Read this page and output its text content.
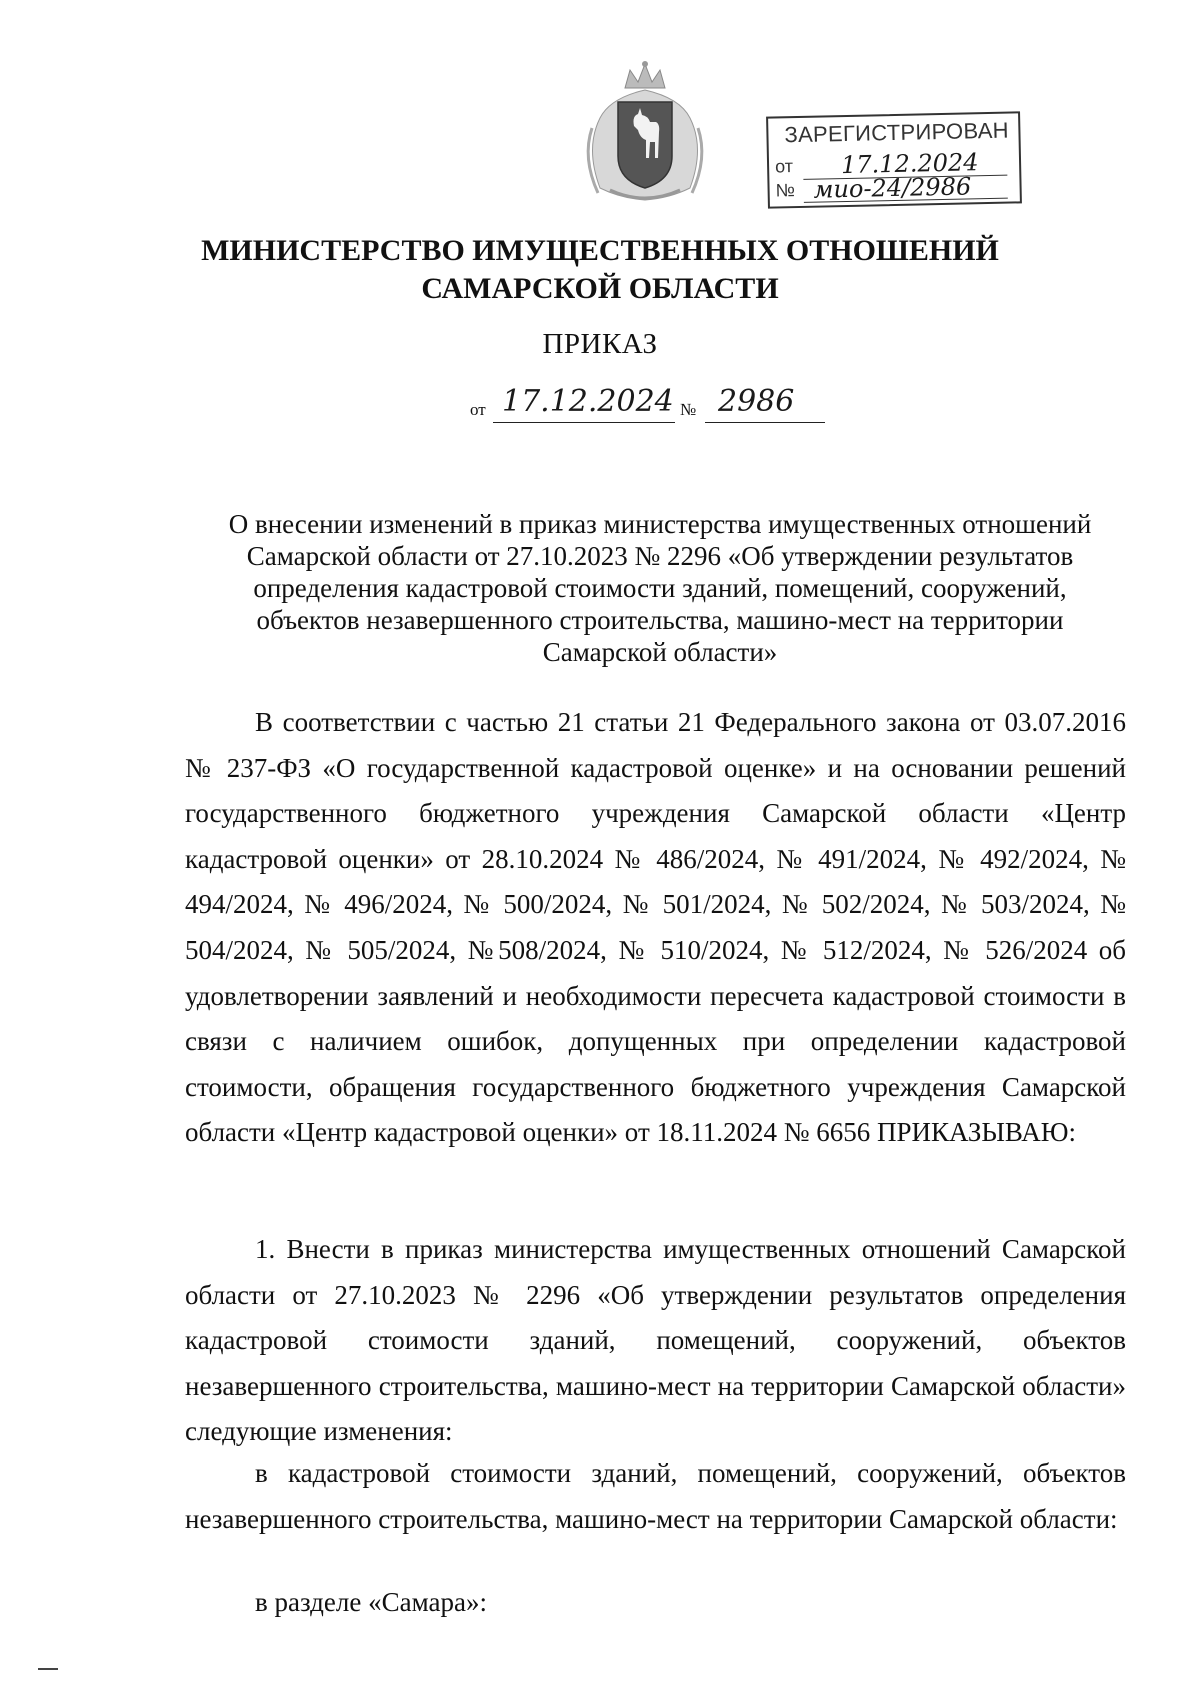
ЗАРЕГИСТРИРОВАН
от 17.12.2024
№ мио-24/2986
МИНИСТЕРСТВО ИМУЩЕСТВЕННЫХ ОТНОШЕНИЙ
САМАРСКОЙ ОБЛАСТИ
ПРИКАЗ
от 17.12.2024 № 2986
О внесении изменений в приказ министерства имущественных отношений Самарской области от 27.10.2023 № 2296 «Об утверждении результатов определения кадастровой стоимости зданий, помещений, сооружений, объектов незавершенного строительства, машино-мест на территории Самарской области»

В соответствии с частью 21 статьи 21 Федерального закона от 03.07.2016 № 237-ФЗ «О государственной кадастровой оценке» и на основании решений государственного бюджетного учреждения Самарской области «Центр кадастровой оценки» от 28.10.2024 № 486/2024, № 491/2024, № 492/2024, № 494/2024, № 496/2024, № 500/2024, № 501/2024, № 502/2024, № 503/2024, № 504/2024, № 505/2024, №508/2024, № 510/2024, № 512/2024, № 526/2024 об удовлетворении заявлений и необходимости пересчета кадастровой стоимости в связи с наличием ошибок, допущенных при определении кадастровой стоимости, обращения государственного бюджетного учреждения Самарской области «Центр кадастровой оценки» от 18.11.2024 № 6656 ПРИКАЗЫВАЮ:

1. Внести в приказ министерства имущественных отношений Самарской области от 27.10.2023 № 2296 «Об утверждении результатов определения кадастровой стоимости зданий, помещений, сооружений, объектов незавершенного строительства, машино-мест на территории Самарской области» следующие изменения:

в кадастровой стоимости зданий, помещений, сооружений, объектов незавершенного строительства, машино-мест на территории Самарской области:

в разделе «Самара»:
